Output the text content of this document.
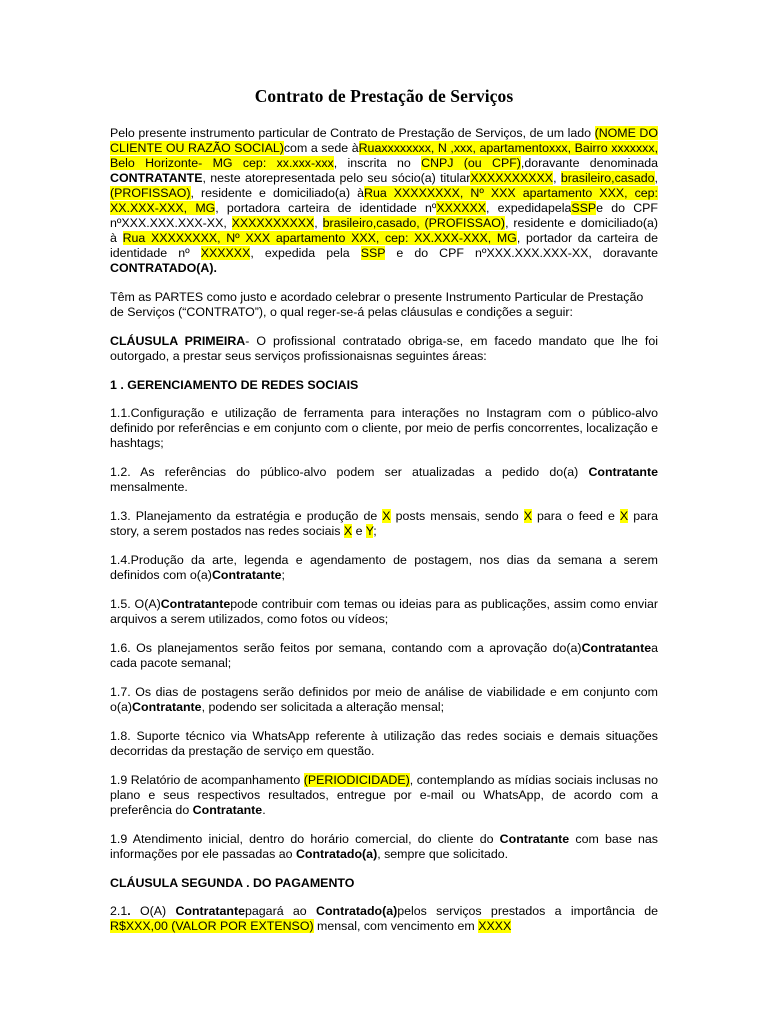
Contrato de Prestação de Serviços

Pelo presente instrumento particular de Contrato de Prestação de Serviços, de um lado (NOME DO CLIENTE OU RAZÃO SOCIAL)com a sede àRuaxxxxxxxx, N ,xxx, apartamentoxxx, Bairro xxxxxxx, Belo Horizonte- MG cep: xx.xxx-xxx, inscrita no CNPJ (ou CPF),doravante denominada CONTRATANTE, neste atorepresentada pelo seu sócio(a) titularXXXXXXXXXX, brasileiro,casado, (PROFISSAO), residente e domiciliado(a) àRua XXXXXXXX, Nº XXX apartamento XXX, cep: XX.XXX-XXX, MG, portadora carteira de identidade nºXXXXXX, expedidapelaSSPe do CPF nºXXX.XXX.XXX-XX, XXXXXXXXXX, brasileiro,casado, (PROFISSAO), residente e domiciliado(a) à Rua XXXXXXXX, Nº XXX apartamento XXX, cep: XX.XXX-XXX, MG, portador da carteira de identidade nº XXXXXX, expedida pela SSP e do CPF nºXXX.XXX.XXX-XX, doravante CONTRATADO(A).

Têm as PARTES como justo e acordado celebrar o presente Instrumento Particular de Prestação de Serviços (“CONTRATO”), o qual reger-se-á pelas cláusulas e condições a seguir:

CLÁUSULA PRIMEIRA- O profissional contratado obriga-se, em facedo mandato que lhe foi outorgado, a prestar seus serviços profissionaisnas seguintes áreas:

1 . GERENCIAMENTO DE REDES SOCIAIS

1.1.Configuração e utilização de ferramenta para interações no Instagram com o público-alvo definido por referências e em conjunto com o cliente, por meio de perfis concorrentes, localização e hashtags;

1.2. As referências do público-alvo podem ser atualizadas a pedido do(a) Contratante mensalmente.

1.3. Planejamento da estratégia e produção de X posts mensais, sendo X para o feed e X para story, a serem postados nas redes sociais X e Y;

1.4.Produção da arte, legenda e agendamento de postagem, nos dias da semana a serem definidos com o(a)Contratante;

1.5. O(A)Contratantepode contribuir com temas ou ideias para as publicações, assim como enviar arquivos a serem utilizados, como fotos ou vídeos;

1.6. Os planejamentos serão feitos por semana, contando com a aprovação do(a)Contratantea cada pacote semanal;

1.7. Os dias de postagens serão definidos por meio de análise de viabilidade e em conjunto com o(a)Contratante, podendo ser solicitada a alteração mensal;

1.8. Suporte técnico via WhatsApp referente à utilização das redes sociais e demais situações decorridas da prestação de serviço em questão.

1.9 Relatório de acompanhamento (PERIODICIDADE), contemplando as mídias sociais inclusas no plano e seus respectivos resultados, entregue por e-mail ou WhatsApp, de acordo com a preferência do Contratante.

1.9 Atendimento inicial, dentro do horário comercial, do cliente do Contratante com base nas informações por ele passadas ao Contratado(a), sempre que solicitado.

CLÁUSULA SEGUNDA . DO PAGAMENTO

2.1. O(A) Contratantepagará ao Contratado(a)pelos serviços prestados a importância de R$XXX,00 (VALOR POR EXTENSO) mensal, com vencimento em XXXX
